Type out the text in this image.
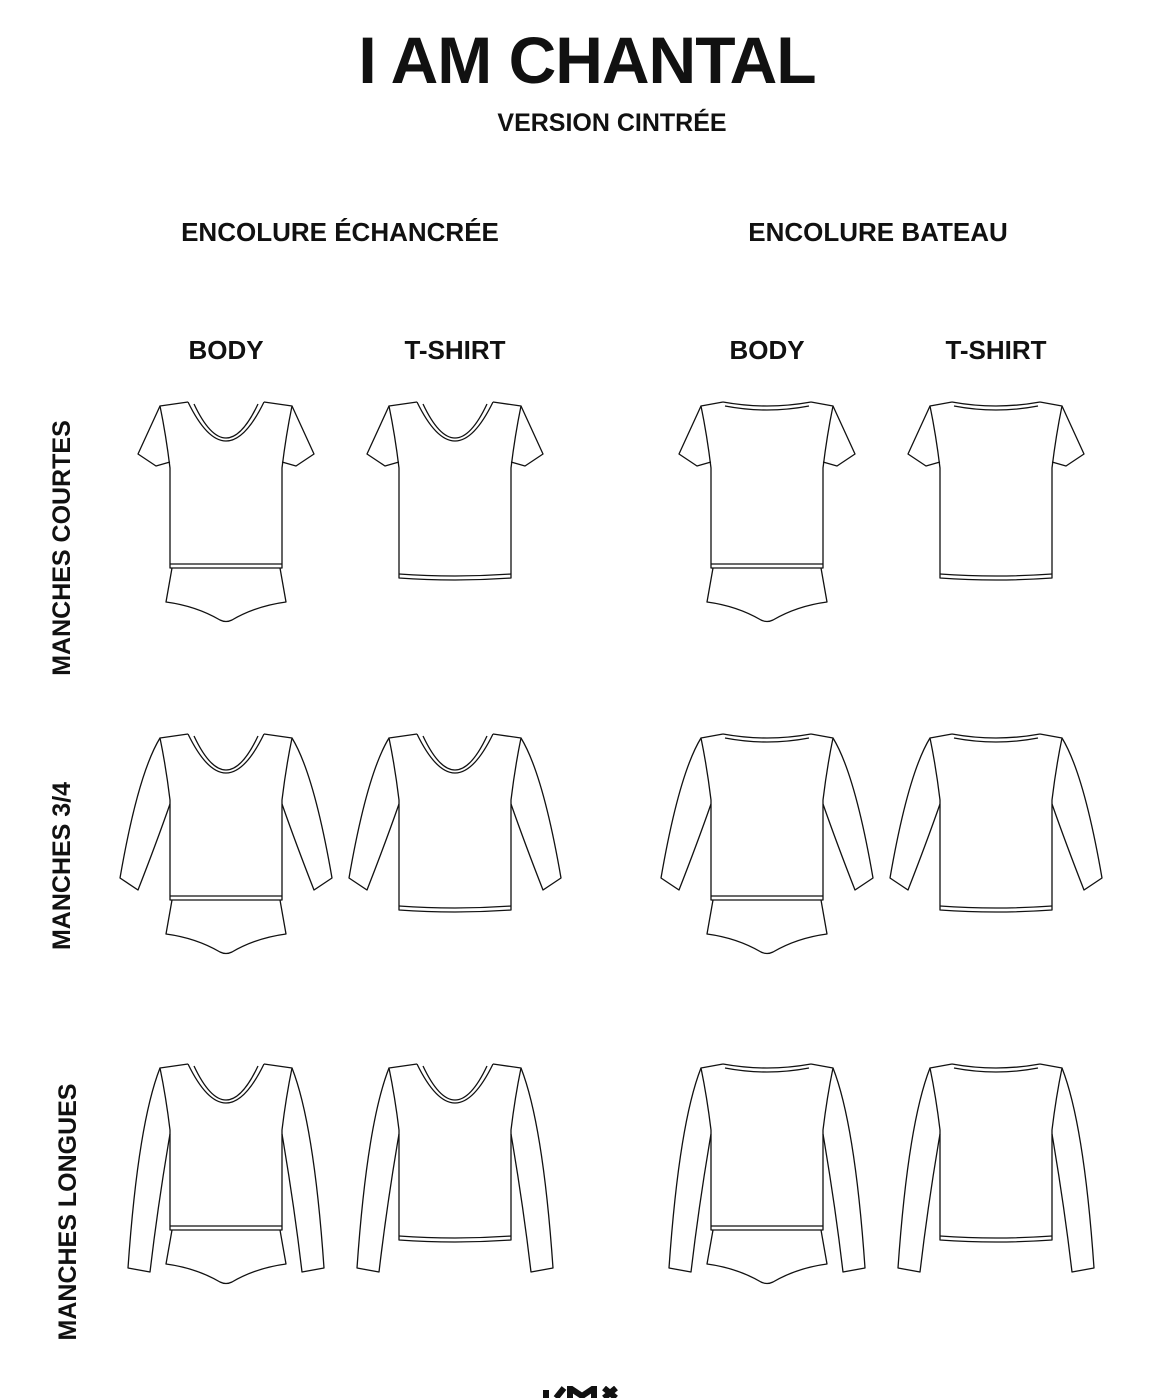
I AM CHANTAL
VERSION CINTRÉE
ENCOLURE ÉCHANCRÉE	ENCOLURE BATEAU
BODY	T-SHIRT	BODY	T-SHIRT
MANCHES COURTES
MANCHES 3/4
MANCHES LONGUES
